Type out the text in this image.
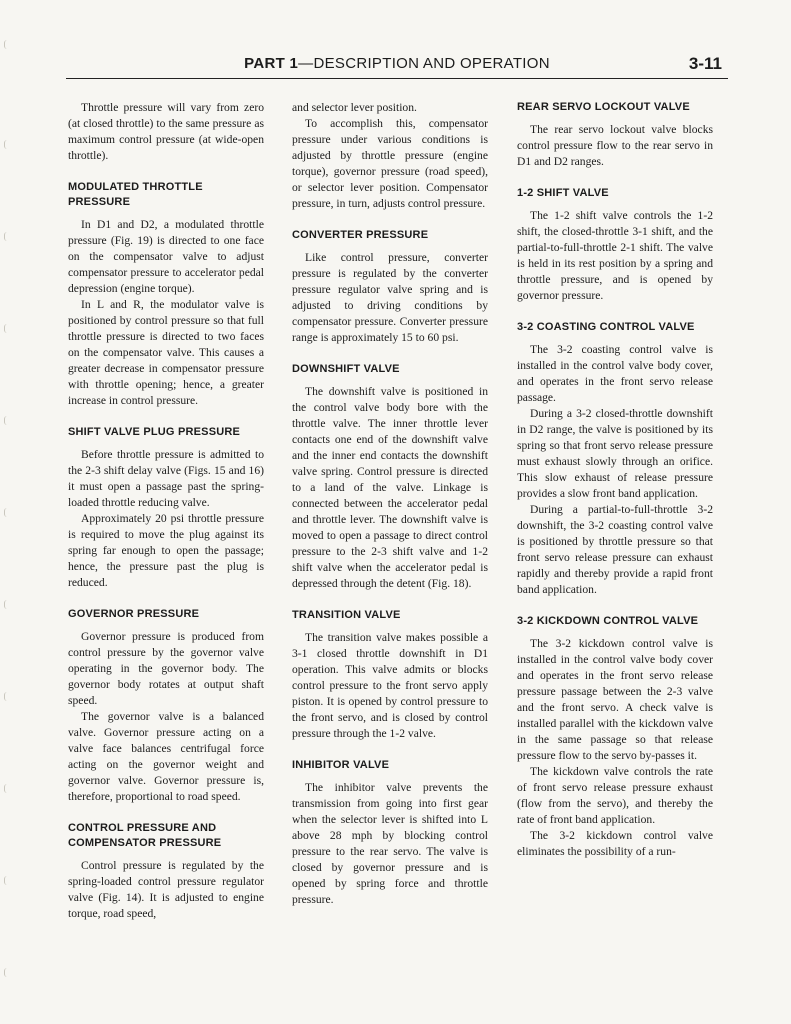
PART 1—DESCRIPTION AND OPERATION	3-11

Throttle pressure will vary from zero (at closed throttle) to the same pressure as maximum control pressure (at wide-open throttle).

MODULATED THROTTLE PRESSURE

In D1 and D2, a modulated throttle pressure (Fig. 19) is directed to one face on the compensator valve to adjust compensator pressure to accelerator pedal depression (engine torque).

In L and R, the modulator valve is positioned by control pressure so that full throttle pressure is directed to two faces on the compensator valve. This causes a greater decrease in compensator pressure with throttle opening; hence, a greater increase in control pressure.

SHIFT VALVE PLUG PRESSURE

Before throttle pressure is admitted to the 2-3 shift delay valve (Figs. 15 and 16) it must open a passage past the spring-loaded throttle reducing valve.

Approximately 20 psi throttle pressure is required to move the plug against its spring far enough to open the passage; hence, the pressure past the plug is reduced.

GOVERNOR PRESSURE

Governor pressure is produced from control pressure by the governor valve operating in the governor body. The governor body rotates at output shaft speed.

The governor valve is a balanced valve. Governor pressure acting on a valve face balances centrifugal force acting on the governor weight and governor valve. Governor pressure is, therefore, proportional to road speed.

CONTROL PRESSURE AND COMPENSATOR PRESSURE

Control pressure is regulated by the spring-loaded control pressure regulator valve (Fig. 14). It is adjusted to engine torque, road speed,

and selector lever position.

To accomplish this, compensator pressure under various conditions is adjusted by throttle pressure (engine torque), governor pressure (road speed), or selector lever position. Compensator pressure, in turn, adjusts control pressure.

CONVERTER PRESSURE

Like control pressure, converter pressure is regulated by the converter pressure regulator valve spring and is adjusted to driving conditions by compensator pressure. Converter pressure range is approximately 15 to 60 psi.

DOWNSHIFT VALVE

The downshift valve is positioned in the control valve body bore with the throttle valve. The inner throttle lever contacts one end of the downshift valve and the inner end contacts the downshift valve spring. Control pressure is directed to a land of the valve. Linkage is connected between the accelerator pedal and throttle lever. The downshift valve is moved to open a passage to direct control pressure to the 2-3 shift valve and 1-2 shift valve when the accelerator pedal is depressed through the detent (Fig. 18).

TRANSITION VALVE

The transition valve makes possible a 3-1 closed throttle downshift in D1 operation. This valve admits or blocks control pressure to the front servo apply piston. It is opened by control pressure to the front servo, and is closed by control pressure through the 1-2 valve.

INHIBITOR VALVE

The inhibitor valve prevents the transmission from going into first gear when the selector lever is shifted into L above 28 mph by blocking control pressure to the rear servo. The valve is closed by governor pressure and is opened by spring force and throttle pressure.

REAR SERVO LOCKOUT VALVE

The rear servo lockout valve blocks control pressure flow to the rear servo in D1 and D2 ranges.

1-2 SHIFT VALVE

The 1-2 shift valve controls the 1-2 shift, the closed-throttle 3-1 shift, and the partial-to-full-throttle 2-1 shift. The valve is held in its rest position by a spring and throttle pressure, and is opened by governor pressure.

3-2 COASTING CONTROL VALVE

The 3-2 coasting control valve is installed in the control valve body cover, and operates in the front servo release passage.

During a 3-2 closed-throttle downshift in D2 range, the valve is positioned by its spring so that front servo release pressure must exhaust slowly through an orifice. This slow exhaust of release pressure provides a slow front band application.

During a partial-to-full-throttle 3-2 downshift, the 3-2 coasting control valve is positioned by throttle pressure so that front servo release pressure can exhaust rapidly and thereby provide a rapid front band application.

3-2 KICKDOWN CONTROL VALVE

The 3-2 kickdown control valve is installed in the control valve body cover and operates in the front servo release pressure passage between the 2-3 valve and the front servo. A check valve is installed parallel with the kickdown valve in the same passage so that release pressure flow to the servo by-passes it.

The kickdown valve controls the rate of front servo release pressure exhaust (flow from the servo), and thereby the rate of front band application.

The 3-2 kickdown control valve eliminates the possibility of a run-
